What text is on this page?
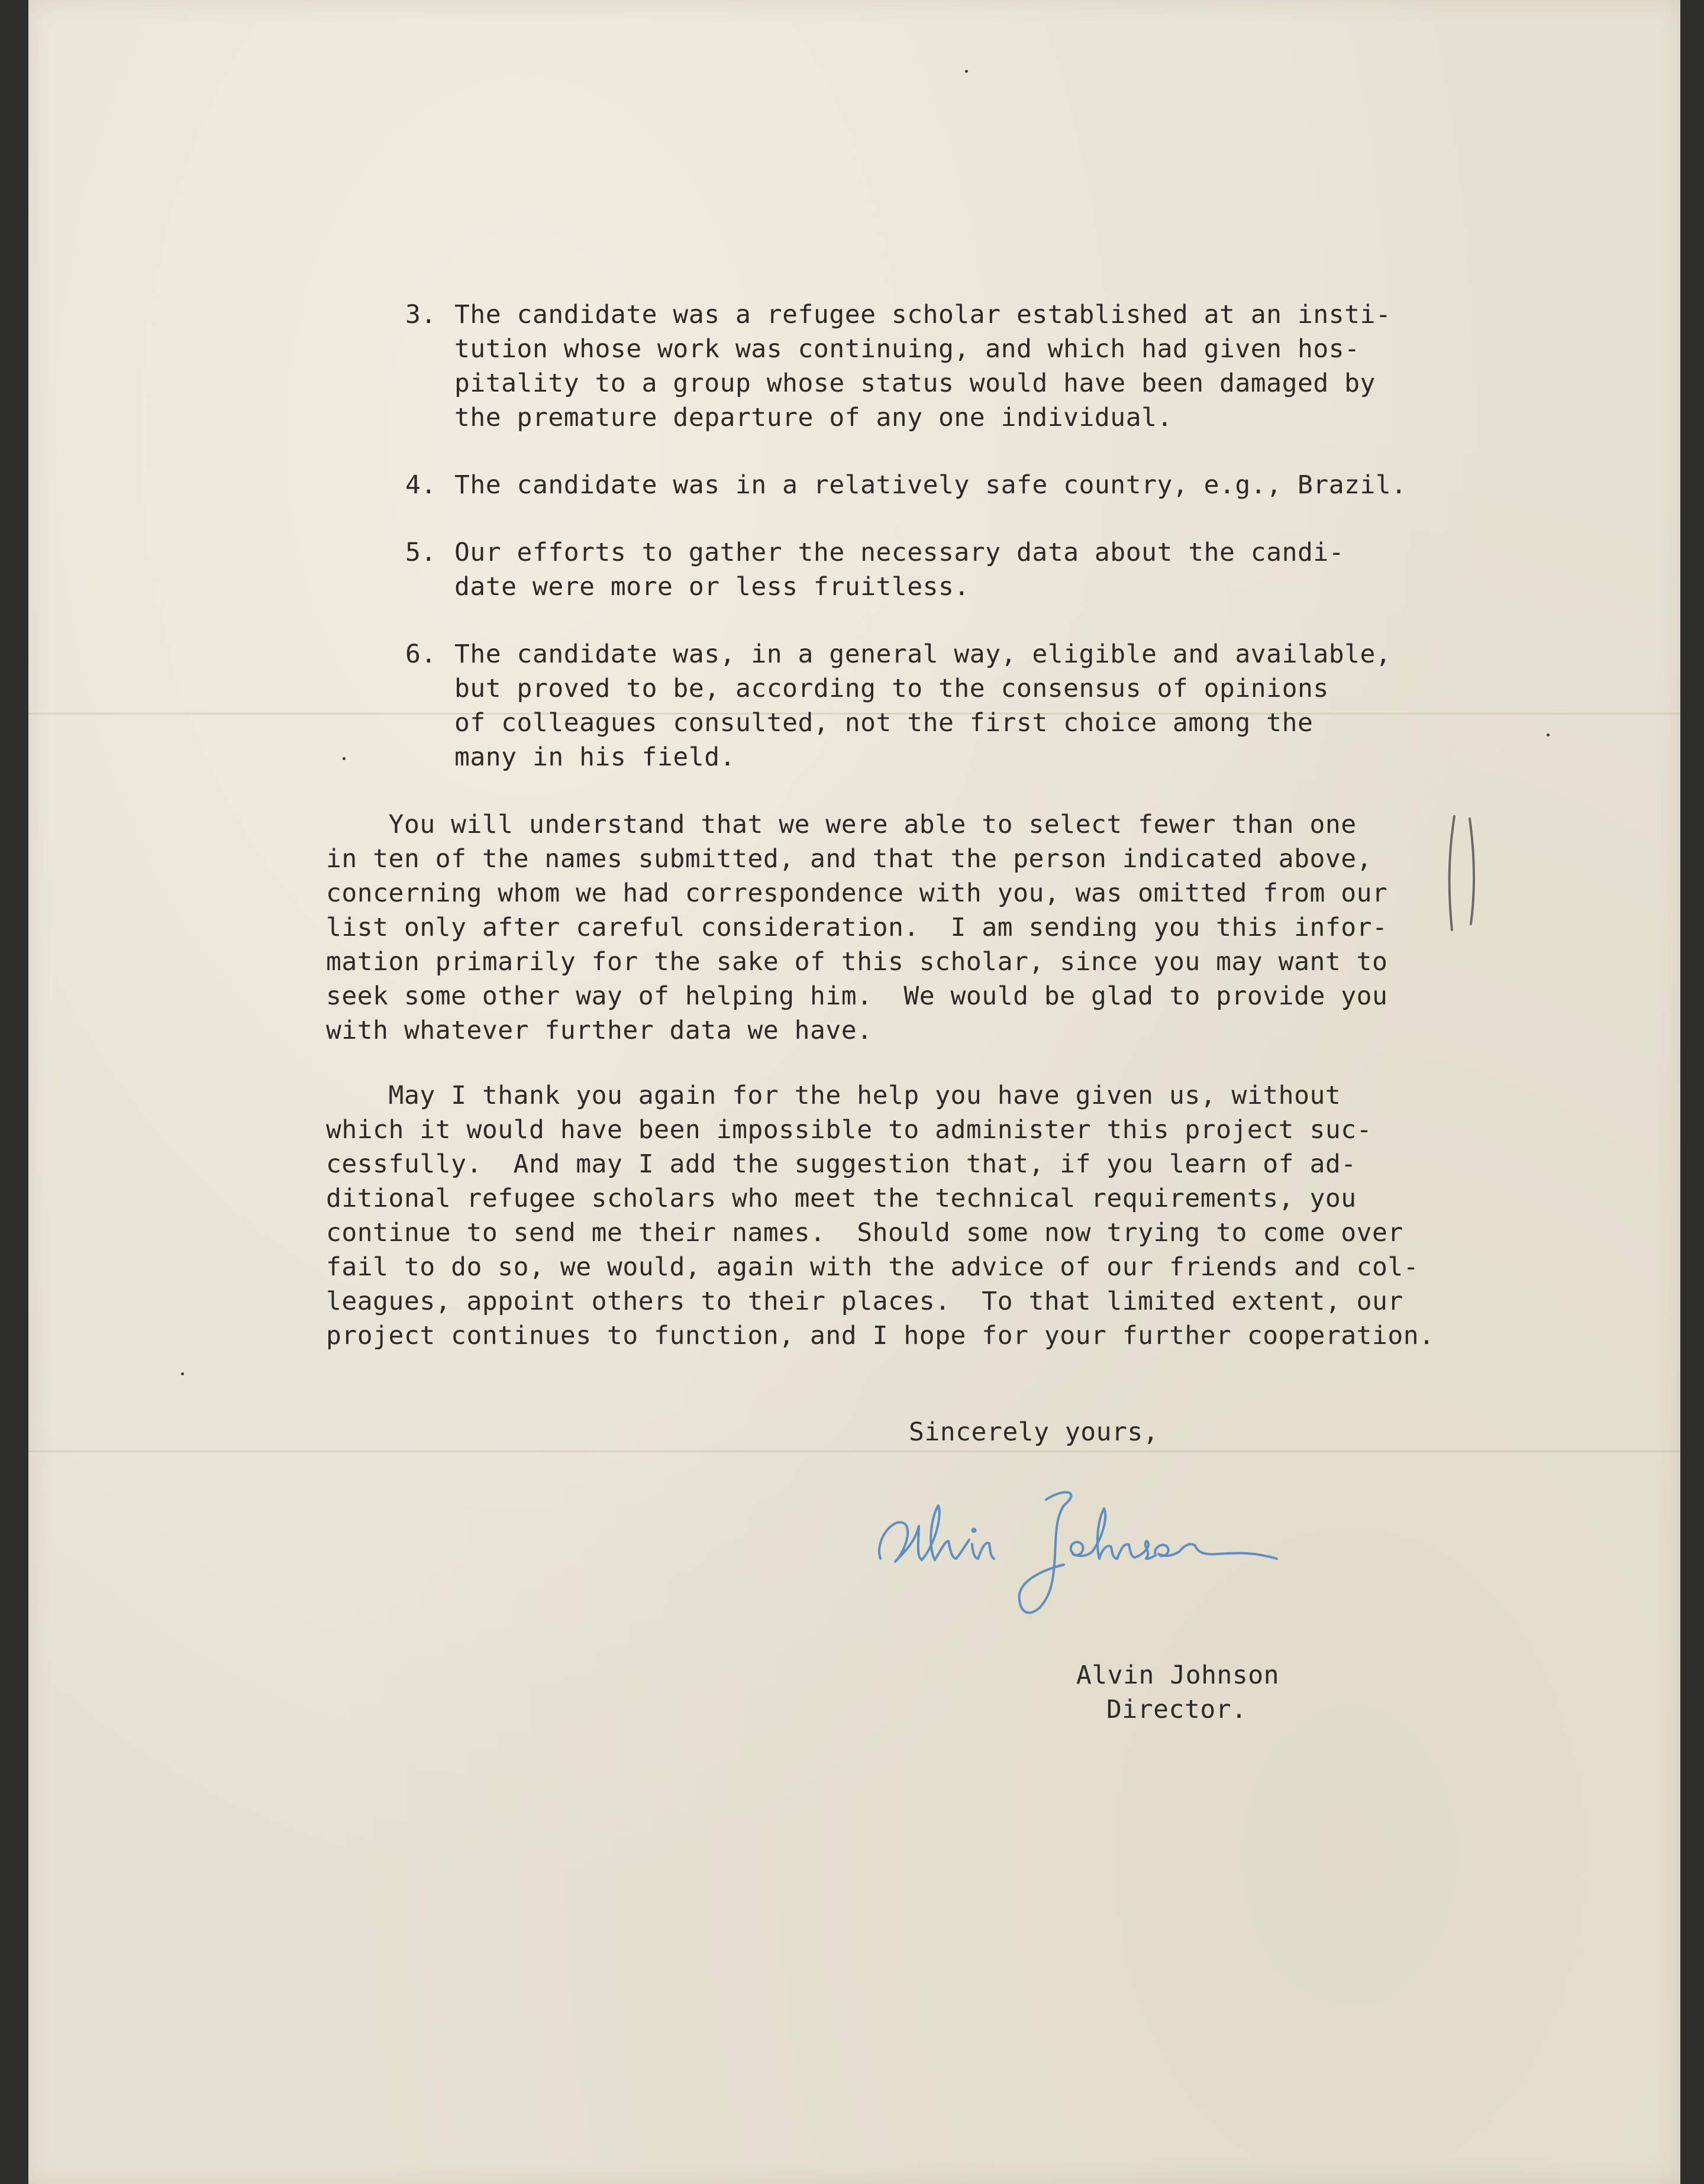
3. The candidate was a refugee scholar established at an insti-
tution whose work was continuing, and which had given hos-
pitality to a group whose status would have been damaged by
the premature departure of any one individual.
4. The candidate was in a relatively safe country, e.g., Brazil.
5. Our efforts to gather the necessary data about the candi-
date were more or less fruitless.
6. The candidate was, in a general way, eligible and available,
but proved to be, according to the consensus of opinions
of colleagues consulted, not the first choice among the
many in his field.
You will understand that we were able to select fewer than one
in ten of the names submitted, and that the person indicated above,
concerning whom we had correspondence with you, was omitted from our
list only after careful consideration.  I am sending you this infor-
mation primarily for the sake of this scholar, since you may want to
seek some other way of helping him.  We would be glad to provide you
with whatever further data we have.
May I thank you again for the help you have given us, without
which it would have been impossible to administer this project suc-
cessfully.  And may I add the suggestion that, if you learn of ad-
ditional refugee scholars who meet the technical requirements, you
continue to send me their names.  Should some now trying to come over
fail to do so, we would, again with the advice of our friends and col-
leagues, appoint others to their places.  To that limited extent, our
project continues to function, and I hope for your further cooperation.
Sincerely yours,
Alvin Johnson
Director.
